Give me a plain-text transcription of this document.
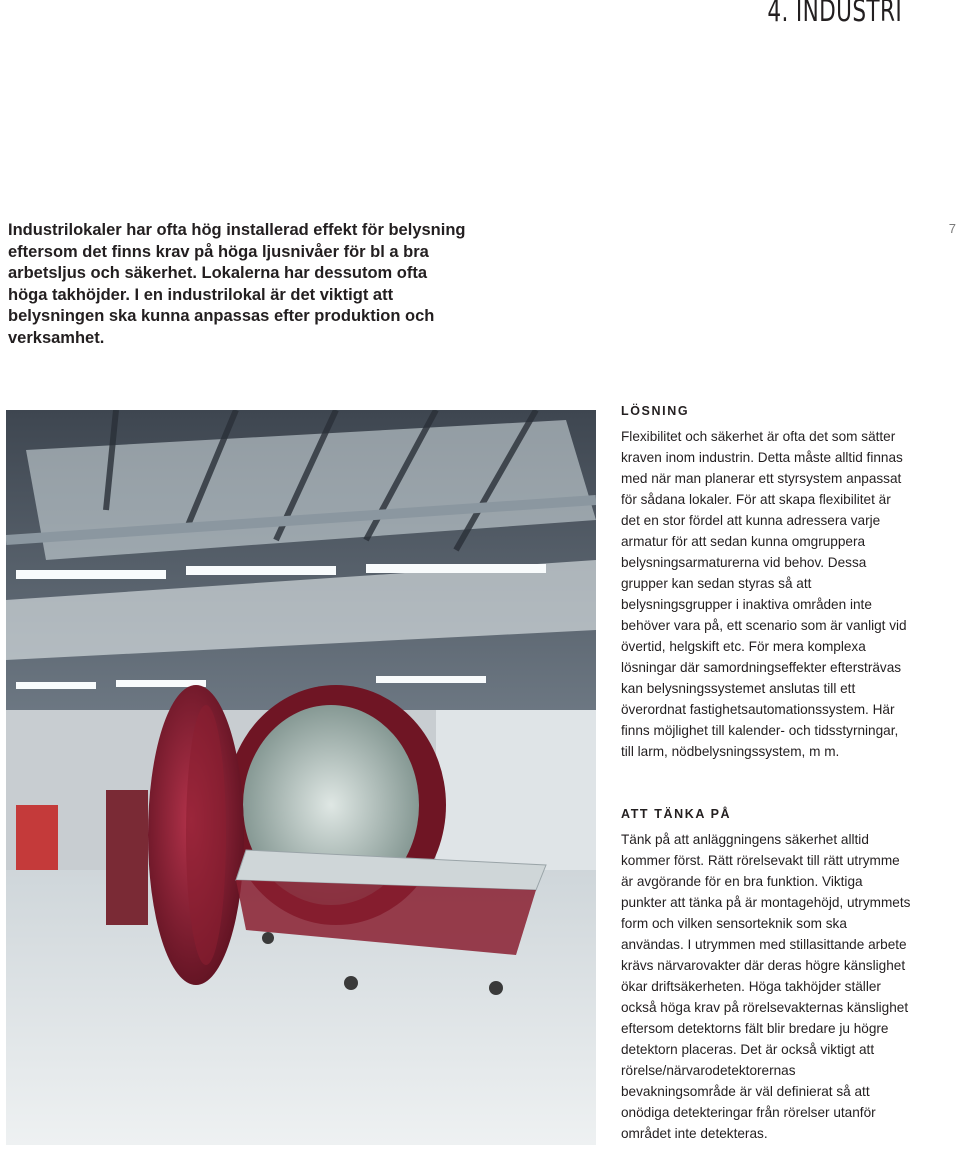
4. INDUSTRI
7

Industrilokaler har ofta hög installerad effekt för belysning eftersom det finns krav på höga ljusnivåer för bl a bra arbetsljus och säkerhet. Lokalerna har dessutom ofta höga takhöjder. I en industrilokal är det viktigt att belysningen ska kunna anpassas efter produktion och verksamhet.

LÖSNING

Flexibilitet och säkerhet är ofta det som sätter kraven inom industrin. Detta måste alltid finnas med när man planerar ett styrsystem anpassat för sådana lokaler. För att skapa flexibilitet är det en stor fördel att kunna adressera varje armatur för att sedan kunna omgruppera belysningsarmaturerna vid behov. Dessa grupper kan sedan styras så att belysningsgrupper i inaktiva områden inte behöver vara på, ett scenario som är vanligt vid övertid, helgskift etc. För mera komplexa lösningar där samordningseffekter eftersträvas kan belysningssystemet anslutas till ett överordnat fastighetsautomationssystem. Här finns möjlighet till kalender- och tidsstyrningar, till larm, nödbelysningssystem, m m.

ATT TÄNKA PÅ

Tänk på att anläggningens säkerhet alltid kommer först. Rätt rörelsevakt till rätt utrymme är avgörande för en bra funktion. Viktiga punkter att tänka på är montagehöjd, utrymmets form och vilken sensorteknik som ska användas. I utrymmen med stillasittande arbete krävs närvarovakter där deras högre känslighet ökar driftsäkerheten. Höga takhöjder ställer också höga krav på rörelsevakternas känslighet eftersom detektorns fält blir bredare ju högre detektorn placeras. Det är också viktigt att rörelse/närvarodetektorernas bevakningsområde är väl definierat så att onödiga detekteringar från rörelser utanför området inte detekteras.
